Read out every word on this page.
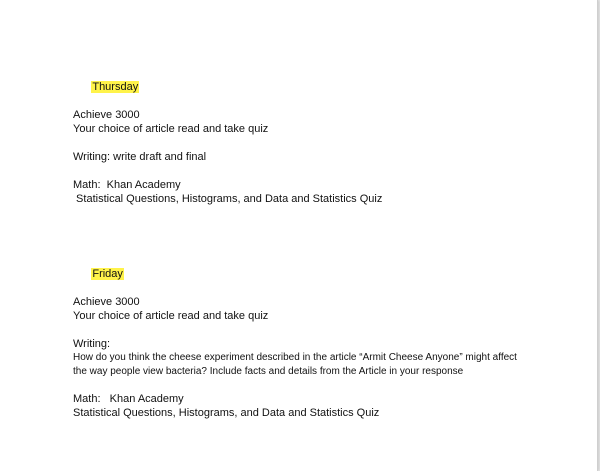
Thursday

Achieve 3000
Your choice of article read and take quiz
Writing: write draft and final
Math:  Khan Academy
Statistical Questions, Histograms, and Data and Statistics Quiz

Friday

Achieve 3000
Your choice of article read and take quiz
Writing:
How do you think the cheese experiment described in the article “Armit Cheese Anyone” might affect
the way people view bacteria? Include facts and details from the Article in your response
Math:   Khan Academy
Statistical Questions, Histograms, and Data and Statistics Quiz
